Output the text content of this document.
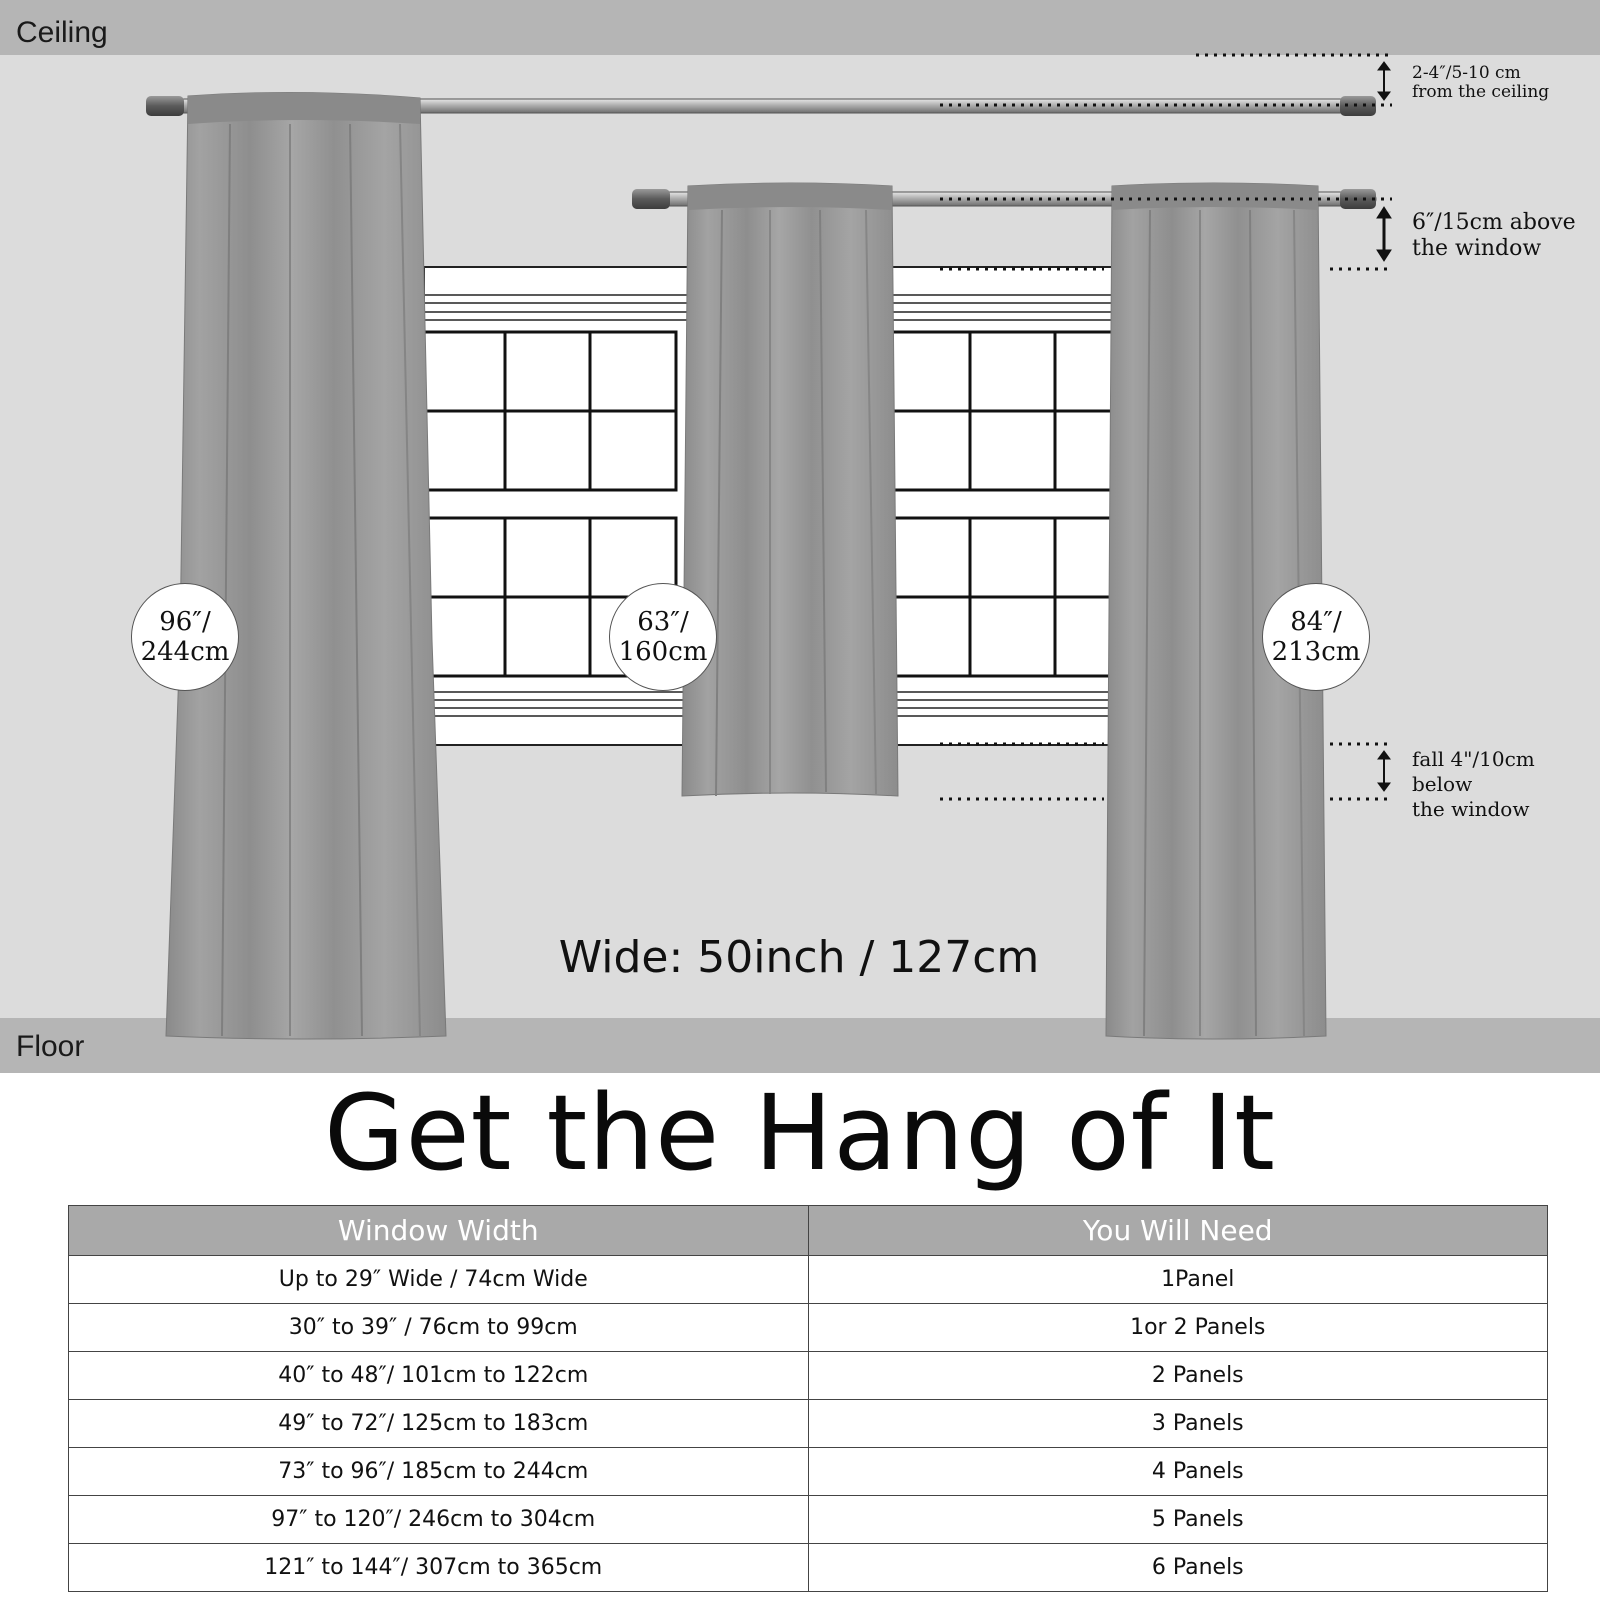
Ceiling
Floor
96″/
244cm
63″/
160cm
84″/
213cm
2-4″/5-10 cm
from the ceiling
6″/15cm above
the window
fall 4"/10cm below
the window
Wide: 50inch / 127cm
Get the Hang of It
Window Width	You Will Need
Up to 29″ Wide / 74cm Wide	1Panel
30″ to 39″ / 76cm to 99cm	1or 2 Panels
40″ to 48″/ 101cm to 122cm	2 Panels
49″ to 72″/ 125cm to 183cm	3 Panels
73″ to 96″/ 185cm to 244cm	4 Panels
97″ to 120″/ 246cm to 304cm	5 Panels
121″ to 144″/ 307cm to 365cm	6 Panels
